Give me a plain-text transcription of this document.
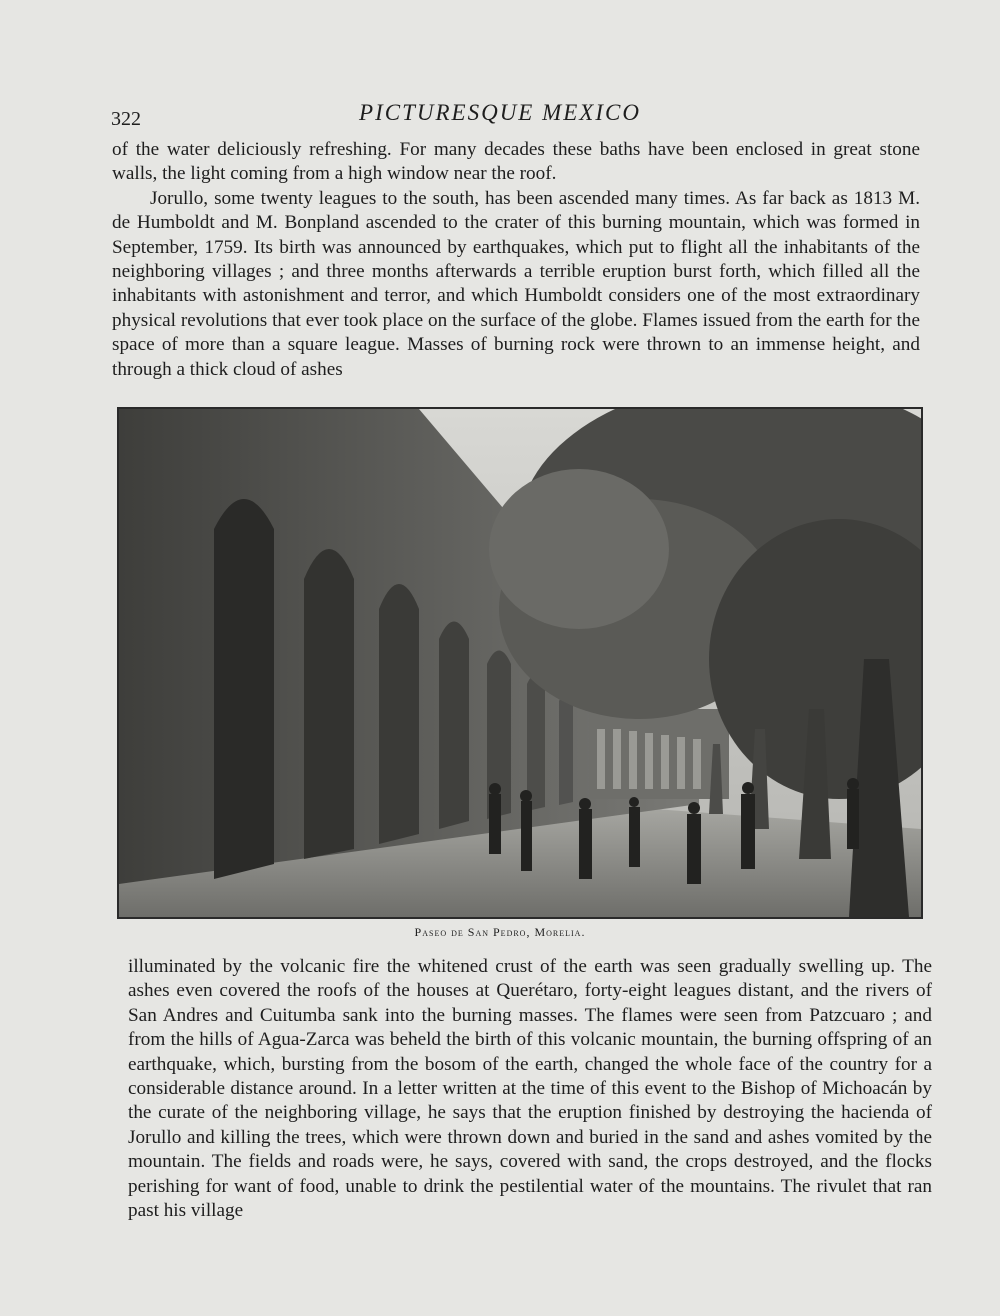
322	PICTURESQUE MEXICO

of the water deliciously refreshing. For many decades these baths have been enclosed in great stone walls, the light coming from a high window near the roof.

Jorullo, some twenty leagues to the south, has been ascended many times. As far back as 1813 M. de Humboldt and M. Bonpland ascended to the crater of this burning mountain, which was formed in September, 1759. Its birth was announced by earthquakes, which put to flight all the inhabitants of the neighboring villages ; and three months afterwards a terrible eruption burst forth, which filled all the inhabitants with astonishment and terror, and which Humboldt considers one of the most extraordinary physical revolutions that ever took place on the surface of the globe. Flames issued from the earth for the space of more than a square league. Masses of burning rock were thrown to an immense height, and through a thick cloud of ashes

Paseo de San Pedro, Morelia.

illuminated by the volcanic fire the whitened crust of the earth was seen gradually swelling up. The ashes even covered the roofs of the houses at Querétaro, forty-eight leagues distant, and the rivers of San Andres and Cuitumba sank into the burning masses. The flames were seen from Patzcuaro ; and from the hills of Agua-Zarca was beheld the birth of this volcanic mountain, the burning offspring of an earthquake, which, bursting from the bosom of the earth, changed the whole face of the country for a considerable distance around. In a letter written at the time of this event to the Bishop of Michoacán by the curate of the neighboring village, he says that the eruption finished by destroying the hacienda of Jorullo and killing the trees, which were thrown down and buried in the sand and ashes vomited by the mountain. The fields and roads were, he says, covered with sand, the crops destroyed, and the flocks perishing for want of food, unable to drink the pestilential water of the mountains. The rivulet that ran past his village
